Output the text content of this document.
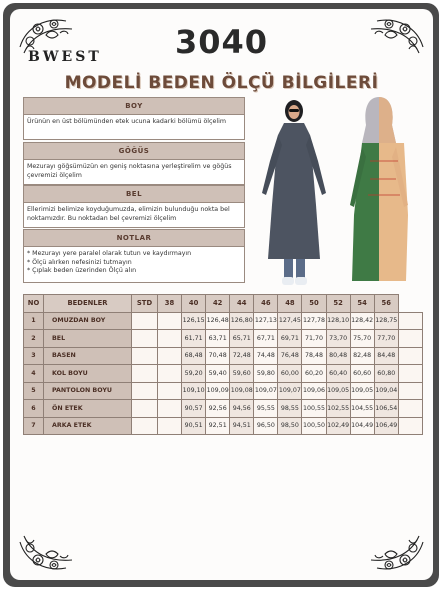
BWEST	3040
MODELİ BEDEN ÖLÇÜ BİLGİLERİ
BOY
Ürünün en üst bölümünden etek ucuna kadarki bölümü ölçelim
GÖĞÜS
Mezurayı göğsümüzün en geniş noktasına yerleştirelim ve göğüs çevremizi ölçelim
BEL
Ellerimizi belimize koyduğumuzda, elimizin bulunduğu nokta bel noktamızdır. Bu noktadan bel çevremizi ölçelim
NOTLAR
* Mezurayı yere paralel olarak tutun ve kaydırmayın
* Ölçü alırken nefesinizi tutmayın
* Çıplak beden üzerinden Ölçü alın
NO	BEDENLER	STD	38	40	42	44	46	48	50	52	54	56	
1	OMUZDAN BOY			126,15	126,48	126,80	127,13	127,45	127,78	128,10	128,42	128,75	
2	BEL			61,71	63,71	65,71	67,71	69,71	71,70	73,70	75,70	77,70	
3	BASEN			68,48	70,48	72,48	74,48	76,48	78,48	80,48	82,48	84,48	
4	KOL BOYU			59,20	59,40	59,60	59,80	60,00	60,20	60,40	60,60	60,80	
5	PANTOLON BOYU			109,10	109,09	109,08	109,07	109,07	109,06	109,05	109,05	109,04	
6	ÖN ETEK			90,57	92,56	94,56	95,55	98,55	100,55	102,55	104,55	106,54	
7	ARKA ETEK			90,51	92,51	94,51	96,50	98,50	100,50	102,49	104,49	106,49	
